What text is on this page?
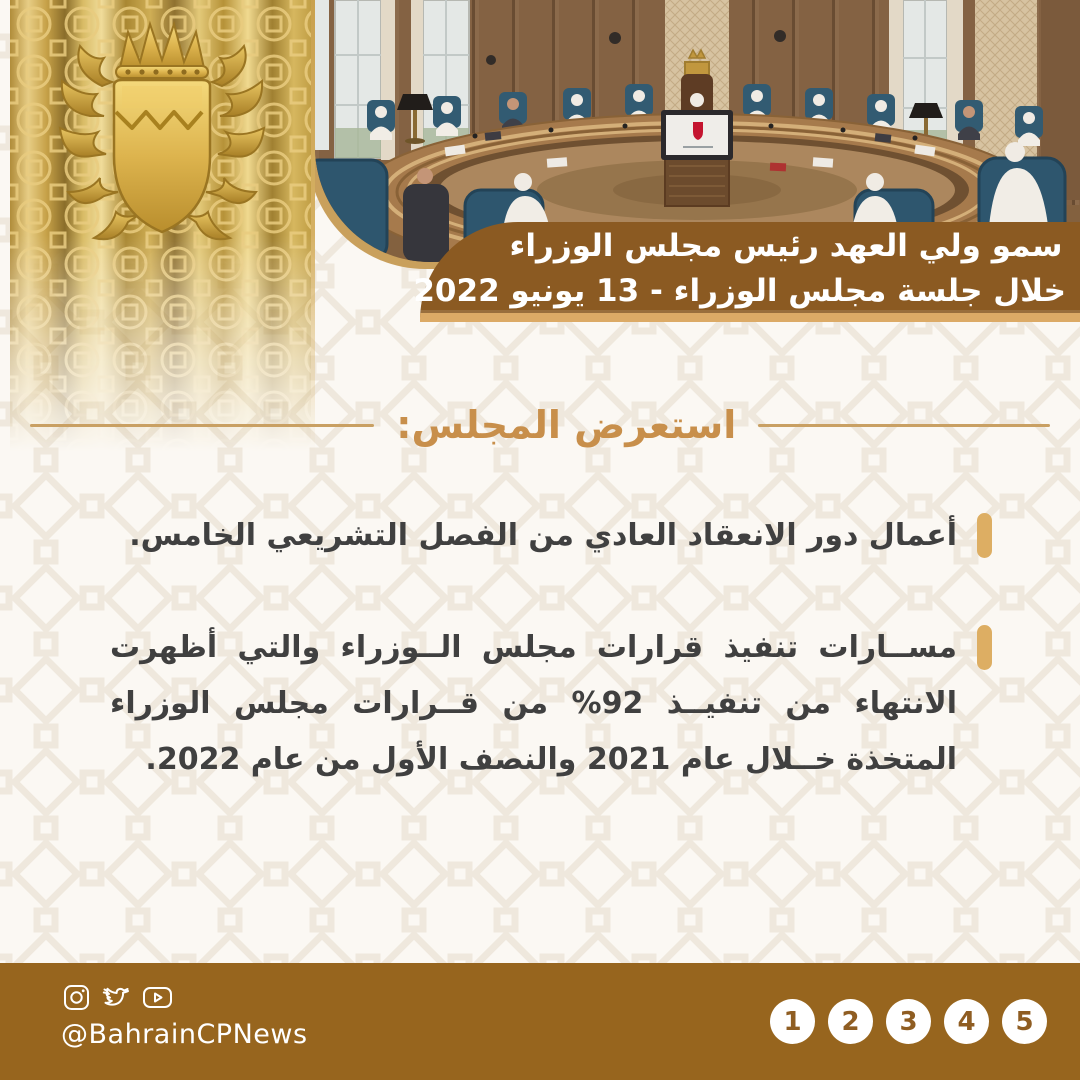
سمو ولي العهد رئيس مجلس الوزراء
خلال جلسة مجلس الوزراء - 13 يونيو 2022
استعرض المجلس:
أعمال دور الانعقاد العادي من الفصل التشريعي الخامس.
مســارات تنفيذ قرارات مجلس الــوزراء والتي أظهرت الانتهاء من تنفيــذ 92% من قــرارات مجلس الوزراء المتخذة خــلال عام 2021 والنصف الأول من عام 2022.
@BahrainCPNews	1	2	3	4	5
